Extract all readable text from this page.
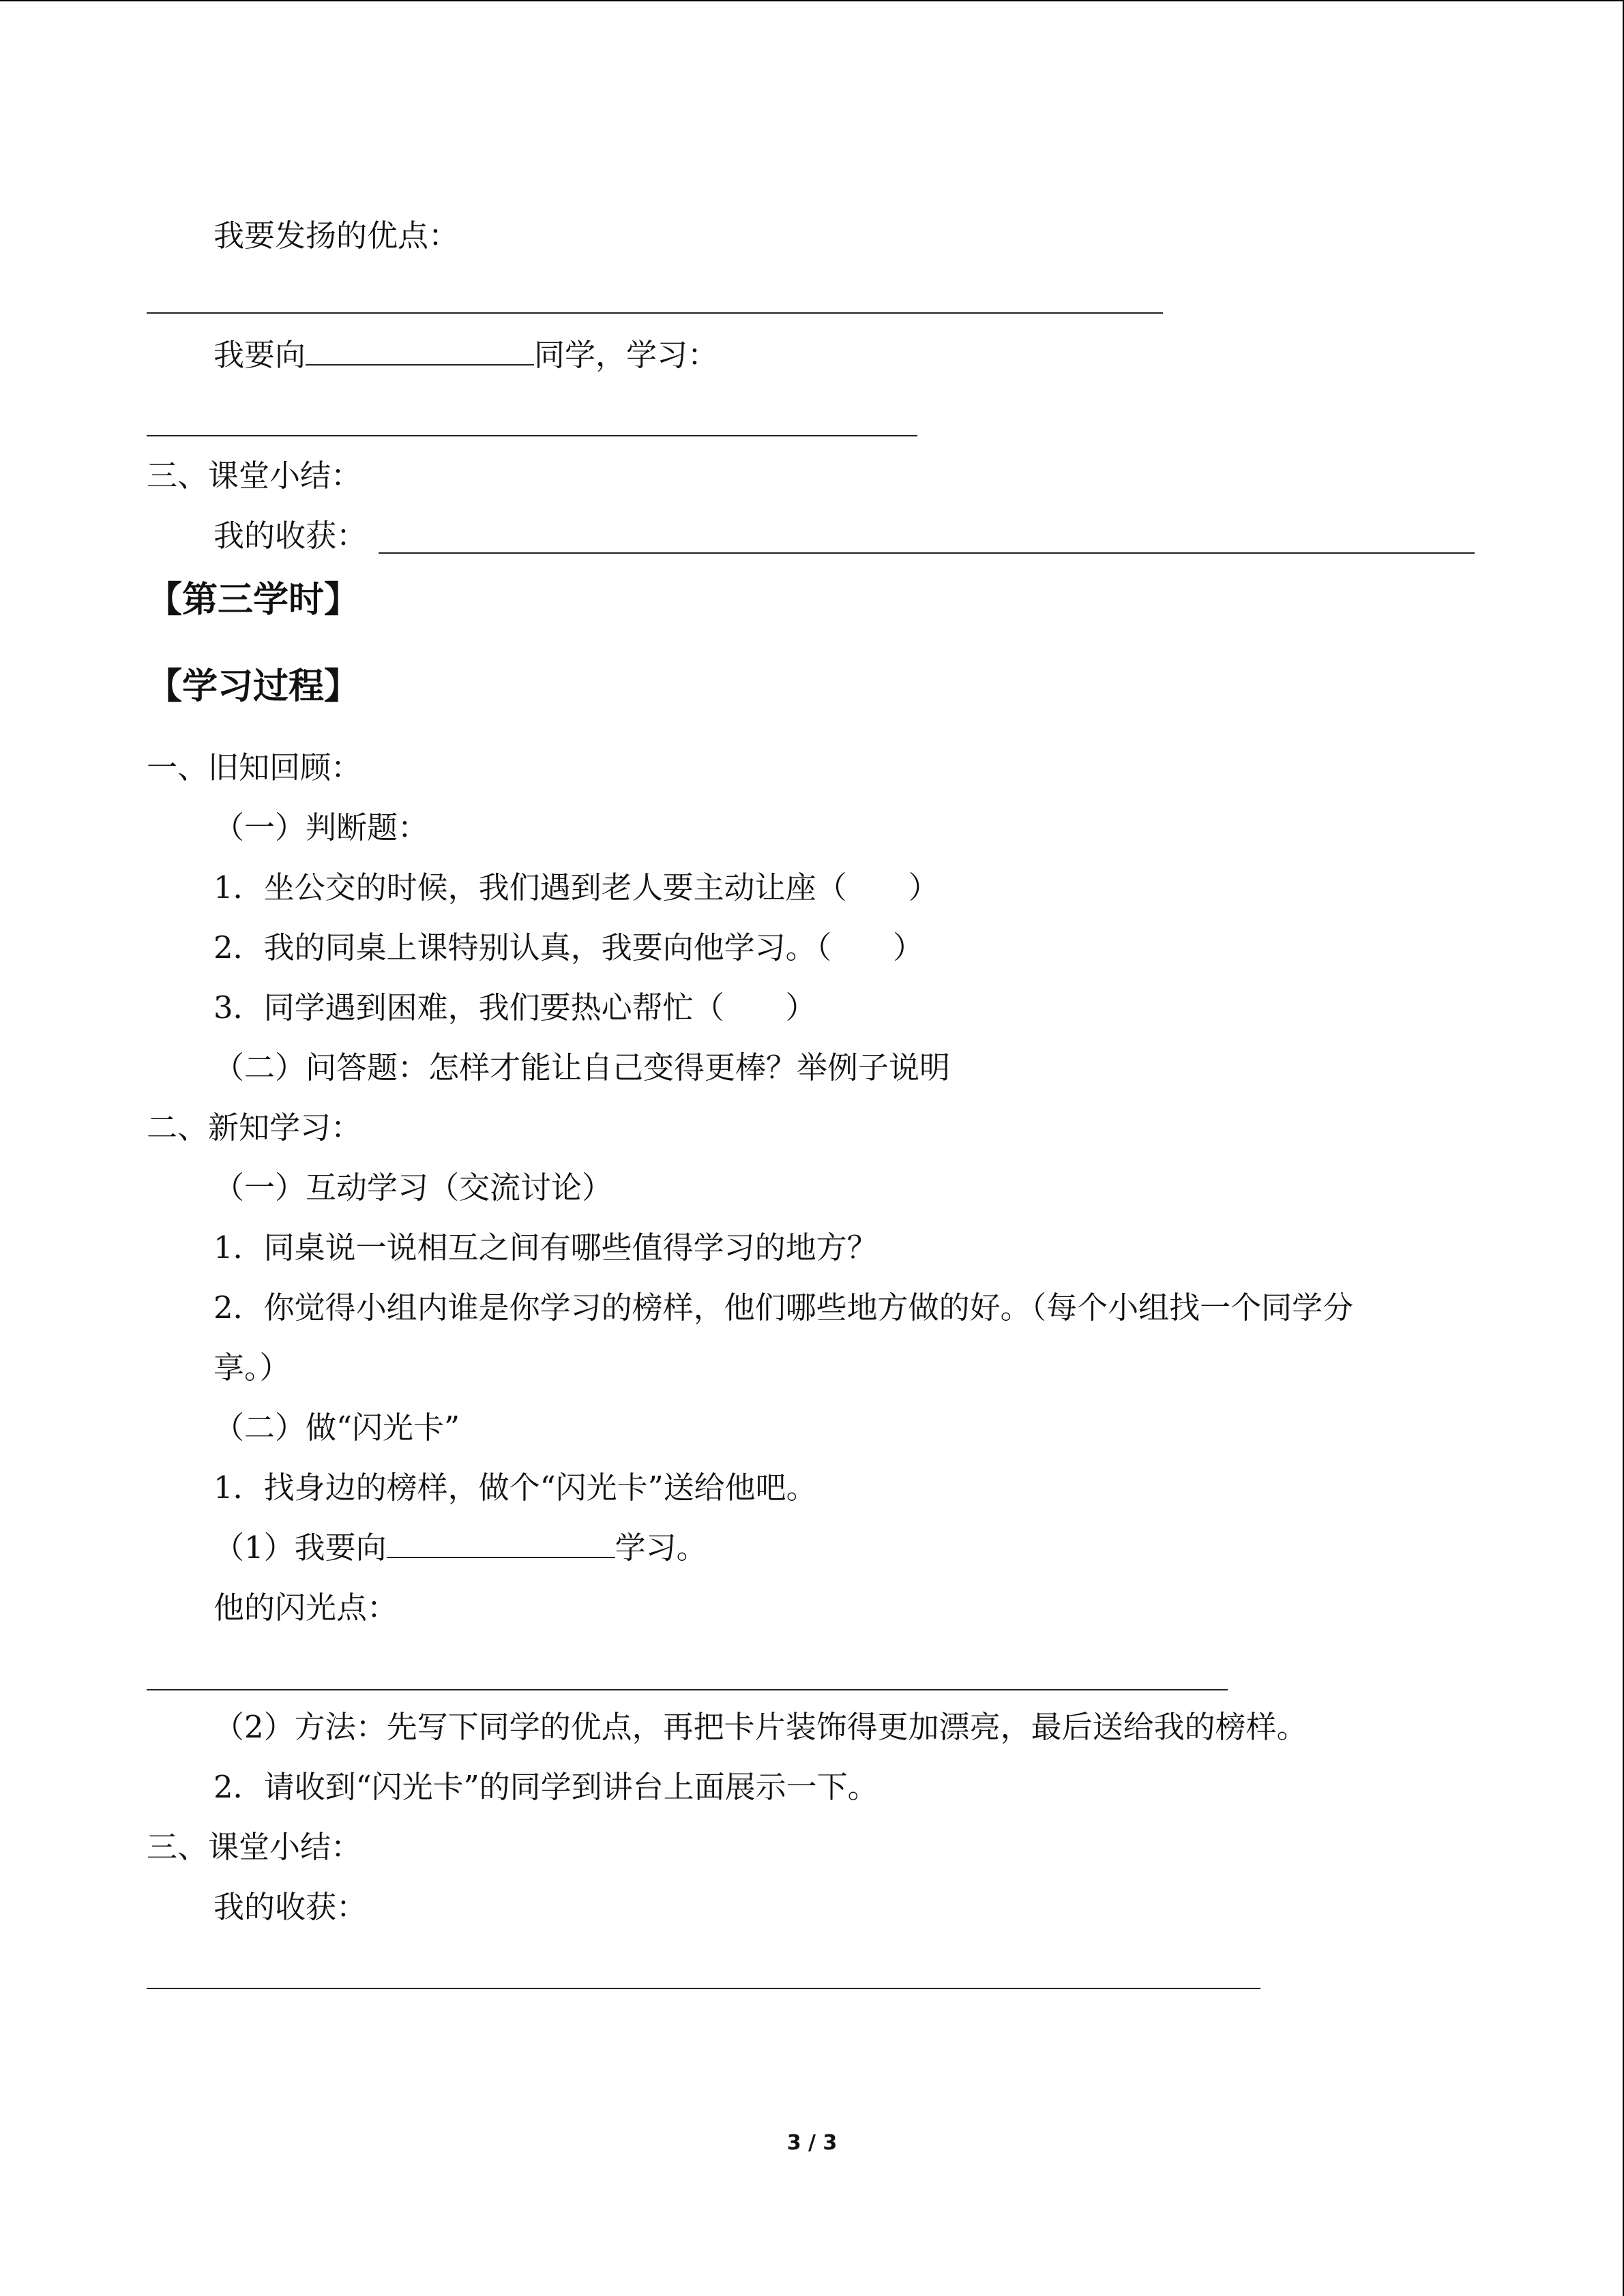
我要发扬的优点：
我要向	同学，学习：
三、课堂小结：
我的收获：
【第三学时】
【学习过程】
一、旧知回顾：
（一）判断题：
1．坐公交的时候，我们遇到老人要主动让座（　　）
2．我的同桌上课特别认真，我要向他学习。（　　）
3．同学遇到困难，我们要热心帮忙（　　）
（二）问答题：怎样才能让自己变得更棒？举例子说明
二、新知学习：
（一）互动学习（交流讨论）
1．同桌说一说相互之间有哪些值得学习的地方？
2．你觉得小组内谁是你学习的榜样，他们哪些地方做的好。（每个小组找一个同学分
享。）
（二）做“闪光卡”
1．找身边的榜样，做个“闪光卡”送给他吧。
（1）我要向	学习。
他的闪光点：
（2）方法：先写下同学的优点，再把卡片装饰得更加漂亮，最后送给我的榜样。
2．请收到“闪光卡”的同学到讲台上面展示一下。
三、课堂小结：
我的收获：
3 / 3
